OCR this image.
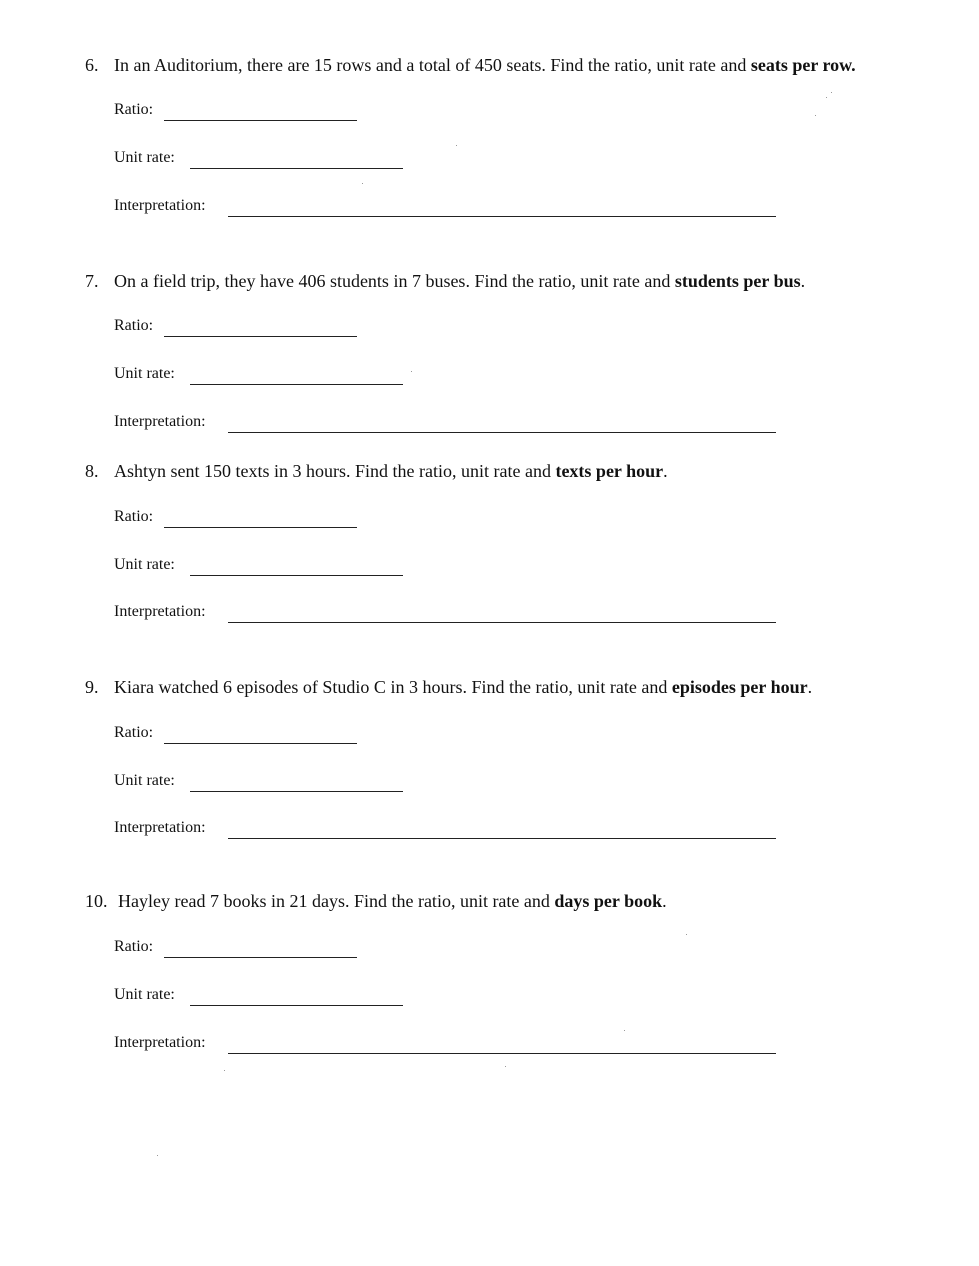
6. In an Auditorium, there are 15 rows and a total of 450 seats. Find the ratio, unit rate and seats per row.
Ratio:
Unit rate:
Interpretation:
7. On a field trip, they have 406 students in 7 buses. Find the ratio, unit rate and students per bus.
Ratio:
Unit rate:
Interpretation:
8. Ashtyn sent 150 texts in 3 hours. Find the ratio, unit rate and texts per hour.
Ratio:
Unit rate:
Interpretation:
9. Kiara watched 6 episodes of Studio C in 3 hours. Find the ratio, unit rate and episodes per hour.
Ratio:
Unit rate:
Interpretation:
10. Hayley read 7 books in 21 days. Find the ratio, unit rate and days per book.
Ratio:
Unit rate:
Interpretation:
